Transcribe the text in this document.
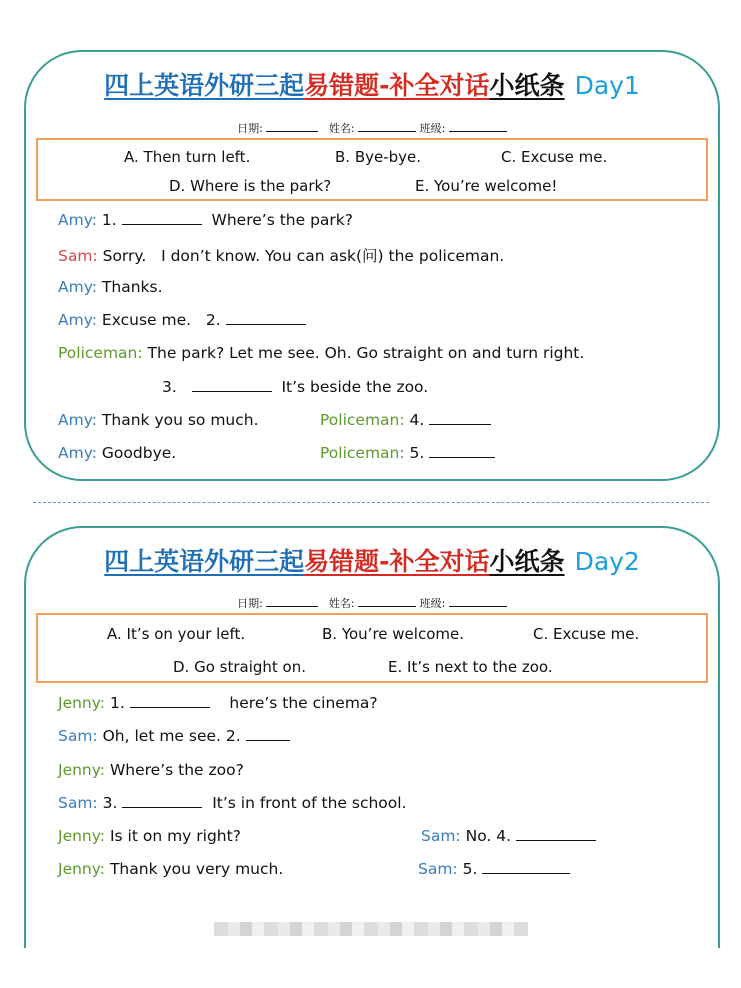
四上英语外研三起易错题-补全对话小纸条 Day1
日期:	姓名:	班级:
A. Then turn left.	B. Bye-bye.	C. Excuse me.
D. Where is the park?	E. You’re welcome!
Amy: 1.	Where’s the park?
Sam: Sorry.   I don’t know. You can ask(问) the policeman.
Amy: Thanks.
Amy: Excuse me.   2.
Policeman: The park? Let me see. Oh. Go straight on and turn right.
3.	It’s beside the zoo.
Amy: Thank you so much.	Policeman: 4.
Amy: Goodbye.	Policeman: 5.
四上英语外研三起易错题-补全对话小纸条 Day2
日期:	姓名:	班级:
A. It’s on your left.	B. You’re welcome.	C. Excuse me.
D. Go straight on.	E. It’s next to the zoo.
Jenny: 1.	here’s the cinema?
Sam: Oh, let me see. 2.
Jenny: Where’s the zoo?
Sam: 3.	It’s in front of the school.
Jenny: Is it on my right?	Sam: No. 4.
Jenny: Thank you very much.	Sam: 5.
